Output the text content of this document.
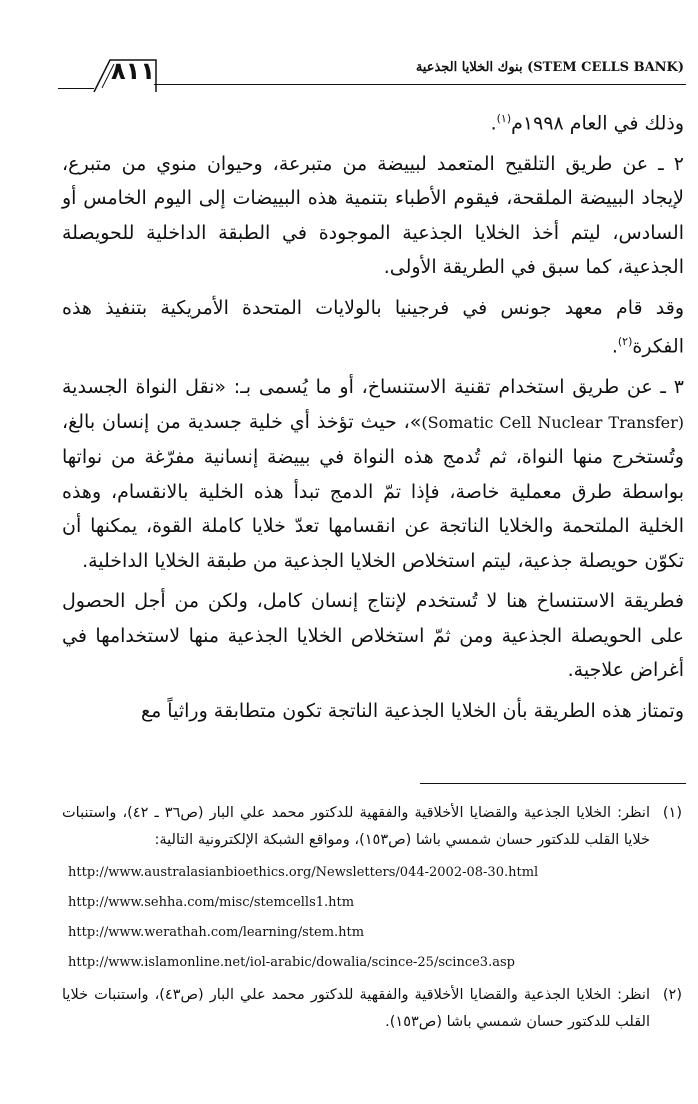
٨١١	بنوك الخلايا الجذعية (STEM CELLS BANK)

وذلك في العام ١٩٩٨م$^{(١)}$.

٢ ـ عن طريق التلقيح المتعمد لبييضة من متبرعة، وحيوان منوي من متبرع، لإيجاد البييضة الملقحة، فيقوم الأطباء بتنمية هذه البييضات إلى اليوم الخامس أو السادس، ليتم أخذ الخلايا الجذعية الموجودة في الطبقة الداخلية للحويصلة الجذعية، كما سبق في الطريقة الأولى.

وقد قام معهد جونس في فرجينيا بالولايات المتحدة الأمريكية بتنفيذ هذه الفكرة$^{(٢)}$.

٣ ـ عن طريق استخدام تقنية الاستنساخ، أو ما يُسمى بـ: «نقل النواة الجسدية (Somatic Cell Nuclear Transfer)»، حيث تؤخذ أي خلية جسدية من إنسان بالغ، وتُستخرج منها النواة، ثم تُدمج هذه النواة في بييضة إنسانية مفرّغة من نواتها بواسطة طرق معملية خاصة، فإذا تمّ الدمج تبدأ هذه الخلية بالانقسام، وهذه الخلية الملتحمة والخلايا الناتجة عن انقسامها تعدّ خلايا كاملة القوة، يمكنها أن تكوّن حويصلة جذعية، ليتم استخلاص الخلايا الجذعية من طبقة الخلايا الداخلية.

فطريقة الاستنساخ هنا لا تُستخدم لإنتاج إنسان كامل، ولكن من أجل الحصول على الحويصلة الجذعية ومن ثمّ استخلاص الخلايا الجذعية منها لاستخدامها في أغراض علاجية.

وتمتاز هذه الطريقة بأن الخلايا الجذعية الناتجة تكون متطابقة وراثياً مع

(١)
انظر: الخلايا الجذعية والقضايا الأخلاقية والفقهية للدكتور محمد علي البار (ص٣٦ ـ ٤٢)، واستنبات خلايا القلب للدكتور حسان شمسي باشا (ص١٥٣)، ومواقع الشبكة الإلكترونية التالية:
http://www.australasianbioethics.org/Newsletters/044-2002-08-30.html
http://www.sehha.com/misc/stemcells1.htm
http://www.werathah.com/learning/stem.htm
http://www.islamonline.net/iol-arabic/dowalia/scince-25/scince3.asp
(٢)
انظر: الخلايا الجذعية والقضايا الأخلاقية والفقهية للدكتور محمد علي البار (ص٤٣)، واستنبات خلايا القلب للدكتور حسان شمسي باشا (ص١٥٣).
